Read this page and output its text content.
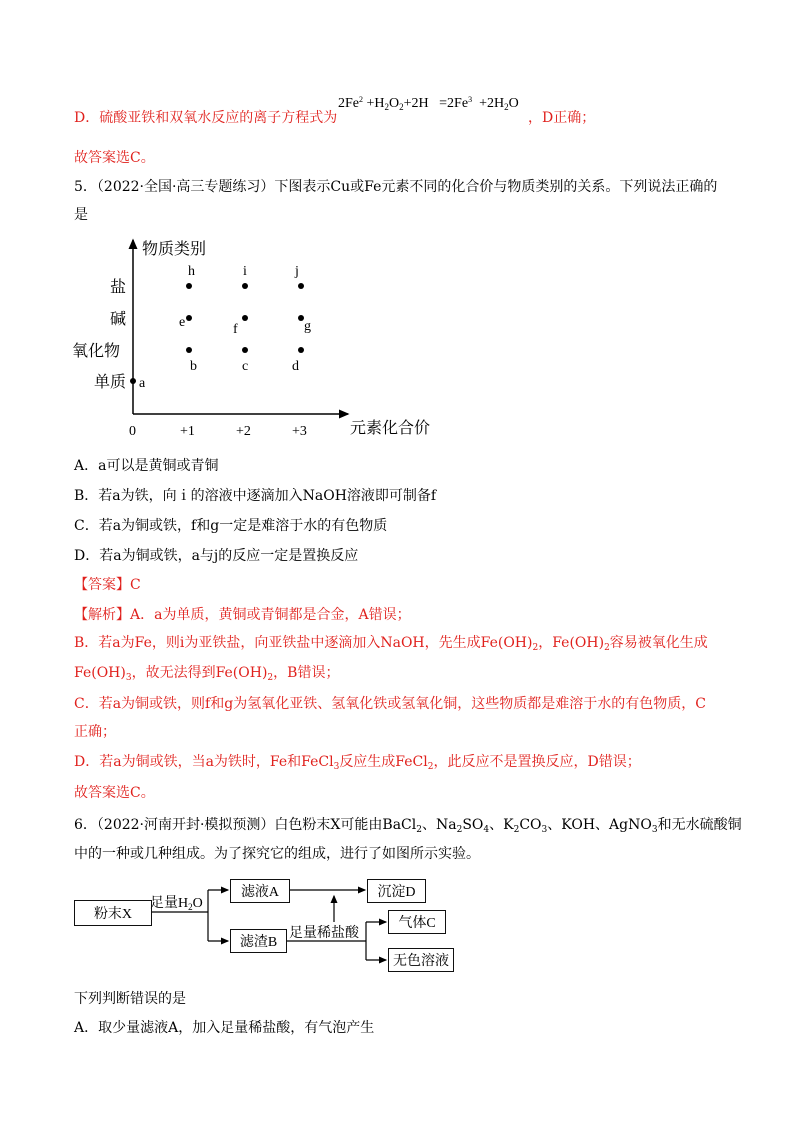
D．硫酸亚铁和双氧水反应的离子方程式为
$2Fe^2 +H_2O_2+2H =2Fe^3 +2H_2O$
，D正确；
故答案选C。
5．（2022·全国·高三专题练习）下图表示Cu或Fe元素不同的化合价与物质类别的关系。下列说法正确的
是
物质类别
元素化合价
单质
氧化物
碱
盐
0	+1	+2	+3
a
b	c	d
e	f	g
h	i	j
A．a可以是黄铜或青铜
B．若a为铁，向ｉ的溶液中逐滴加入NaOH溶液即可制备f
C．若a为铜或铁，f和g一定是难溶于水的有色物质
D．若a为铜或铁，a与j的反应一定是置换反应
【答案】C
【解析】A．a为单质，黄铜或青铜都是合金，A错误；
B．若a为Fe，则i为亚铁盐，向亚铁盐中逐滴加入NaOH，先生成$Fe(OH)_2$，$Fe(OH)_2$容易被氧化生成
$Fe(OH)_3$，故无法得到$Fe(OH)_2$，B错误；
C．若a为铜或铁，则f和g为氢氧化亚铁、氢氧化铁或氢氧化铜，这些物质都是难溶于水的有色物质，C
正确；
D．若a为铜或铁，当a为铁时，Fe和FeCl$_3$反应生成FeCl$_2$，此反应不是置换反应，D错误；
故答案选C。
6．（2022·河南开封·模拟预测）白色粉末X可能由BaCl$_2$、$Na_2SO_4$、$K_2CO_3$、KOH、AgNO$_3$和无水硫酸铜
中的一种或几种组成。为了探究它的组成，进行了如图所示实验。
粉末X
足量$H_2O$
滤液A
滤渣B
足量稀盐酸
沉淀D
气体C
无色溶液
下列判断错误的是
A．取少量滤液A，加入足量稀盐酸，有气泡产生
